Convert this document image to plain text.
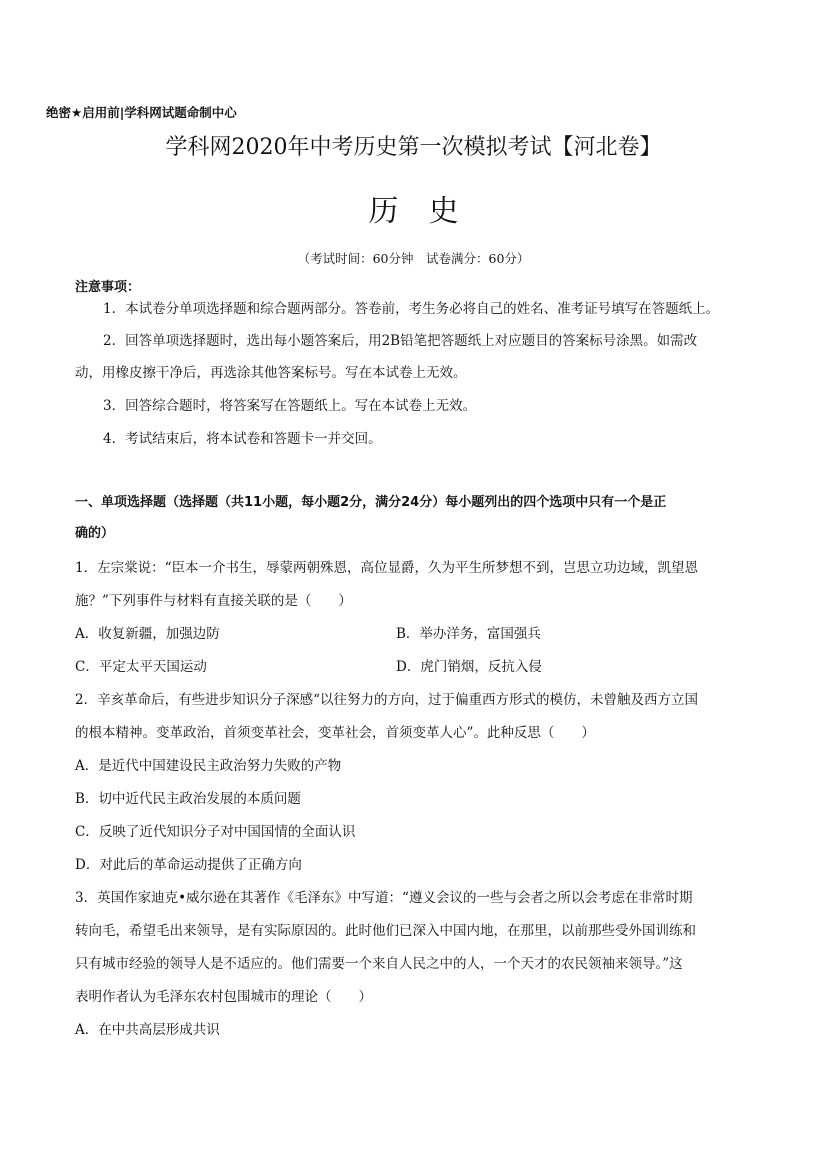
绝密★启用前|学科网试题命制中心
学科网2020年中考历史第一次模拟考试【河北卷】
历史
（考试时间：60分钟　试卷满分：60分）
注意事项：
1．本试卷分单项选择题和综合题两部分。答卷前，考生务必将自己的姓名、准考证号填写在答题纸上。
2．回答单项选择题时，选出每小题答案后，用2B铅笔把答题纸上对应题目的答案标号涂黑。如需改
动，用橡皮擦干净后，再选涂其他答案标号。写在本试卷上无效。
3．回答综合题时，将答案写在答题纸上。写在本试卷上无效。
4．考试结束后，将本试卷和答题卡一并交回。
一、单项选择题（选择题（共11小题，每小题2分，满分24分）每小题列出的四个选项中只有一个是正
确的）
1．左宗棠说：“臣本一介书生，辱蒙两朝殊恩，高位显爵，久为平生所梦想不到，岂思立功边域，凯望恩
施？”下列事件与材料有直接关联的是（　　）
A．收复新疆，加强边防	B．举办洋务，富国强兵
C．平定太平天国运动	D．虎门销烟，反抗入侵
2．辛亥革命后，有些进步知识分子深感“以往努力的方向，过于偏重西方形式的模仿，未曾触及西方立国
的根本精神。变革政治，首须变革社会，变革社会，首须变革人心”。此种反思（　　）
A．是近代中国建设民主政治努力失败的产物
B．切中近代民主政治发展的本质问题
C．反映了近代知识分子对中国国情的全面认识
D．对此后的革命运动提供了正确方向
3．英国作家迪克•威尔逊在其著作《毛泽东》中写道：“遵义会议的一些与会者之所以会考虑在非常时期
转向毛，希望毛出来领导，是有实际原因的。此时他们已深入中国内地，在那里，以前那些受外国训练和
只有城市经验的领导人是不适应的。他们需要一个来自人民之中的人，一个天才的农民领袖来领导。”这
表明作者认为毛泽东农村包围城市的理论（　　）
A．在中共高层形成共识
